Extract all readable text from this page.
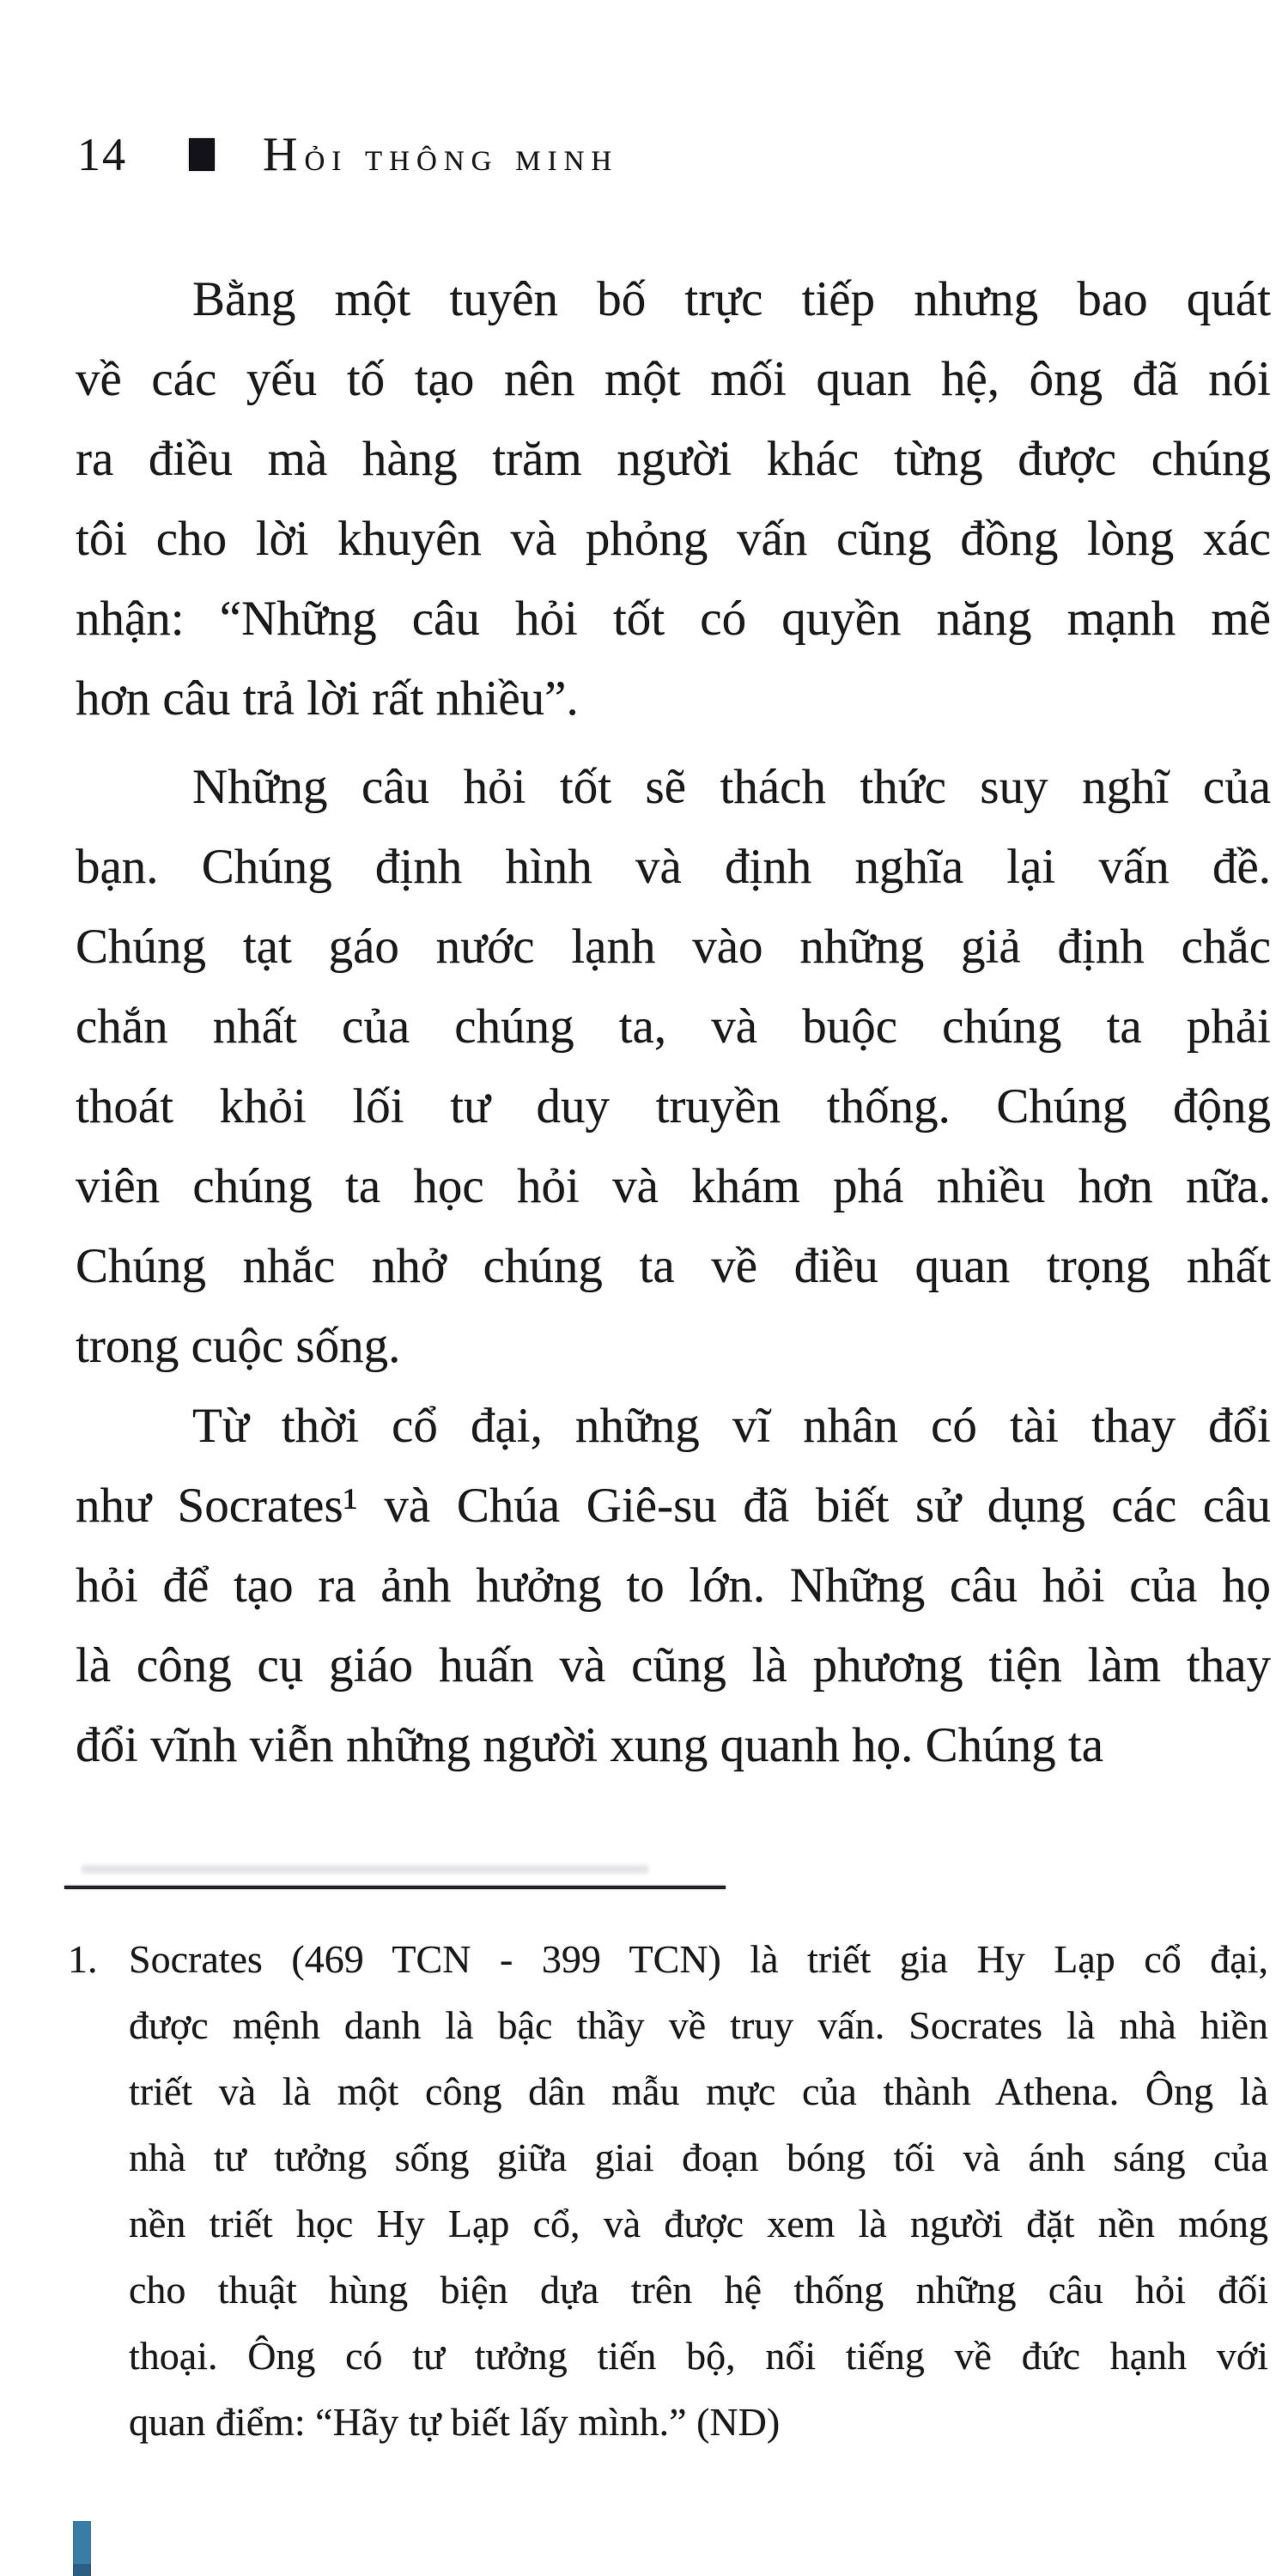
14	Hỏi thông minh
Bằng một tuyên bố trực tiếp nhưng bao quát
về các yếu tố tạo nên một mối quan hệ, ông đã nói
ra điều mà hàng trăm người khác từng được chúng
tôi cho lời khuyên và phỏng vấn cũng đồng lòng xác
nhận: “Những câu hỏi tốt có quyền năng mạnh mẽ
hơn câu trả lời rất nhiều”.
Những câu hỏi tốt sẽ thách thức suy nghĩ của
bạn. Chúng định hình và định nghĩa lại vấn đề.
Chúng tạt gáo nước lạnh vào những giả định chắc
chắn nhất của chúng ta, và buộc chúng ta phải
thoát khỏi lối tư duy truyền thống. Chúng động
viên chúng ta học hỏi và khám phá nhiều hơn nữa.
Chúng nhắc nhở chúng ta về điều quan trọng nhất
trong cuộc sống.
Từ thời cổ đại, những vĩ nhân có tài thay đổi
như Socrates¹ và Chúa Giê-su đã biết sử dụng các câu
hỏi để tạo ra ảnh hưởng to lớn. Những câu hỏi của họ
là công cụ giáo huấn và cũng là phương tiện làm thay
đổi vĩnh viễn những người xung quanh họ. Chúng ta
1. Socrates (469 TCN - 399 TCN) là triết gia Hy Lạp cổ đại,
được mệnh danh là bậc thầy về truy vấn. Socrates là nhà hiền
triết và là một công dân mẫu mực của thành Athena. Ông là
nhà tư tưởng sống giữa giai đoạn bóng tối và ánh sáng của
nền triết học Hy Lạp cổ, và được xem là người đặt nền móng
cho thuật hùng biện dựa trên hệ thống những câu hỏi đối
thoại. Ông có tư tưởng tiến bộ, nổi tiếng về đức hạnh với
quan điểm: “Hãy tự biết lấy mình.” (ND)
